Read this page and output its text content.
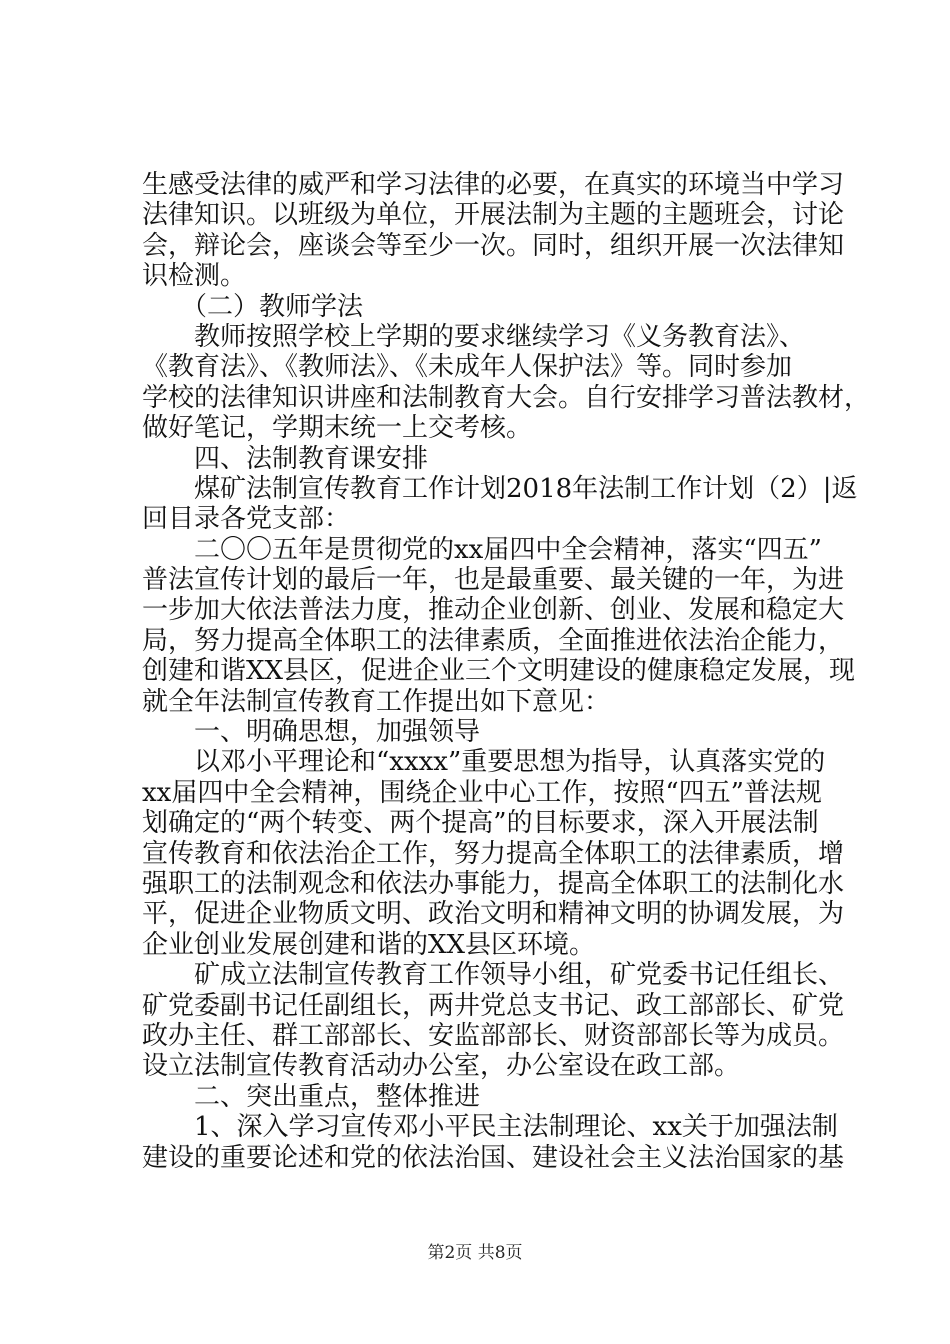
生感受法律的威严和学习法律的必要，在真实的环境当中学习
法律知识。以班级为单位，开展法制为主题的主题班会，讨论
会，辩论会，座谈会等至少一次。同时，组织开展一次法律知
识检测。
　　（二）教师学法
　　教师按照学校上学期的要求继续学习《义务教育法》、
《教育法》、《教师法》、《未成年人保护法》等。同时参加
学校的法律知识讲座和法制教育大会。自行安排学习普法教材，
做好笔记，学期末统一上交考核。
　　四、法制教育课安排
　　煤矿法制宣传教育工作计划2018年法制工作计划（2）|返
回目录各党支部：
　　二〇〇五年是贯彻党的xx届四中全会精神，落实“四五”
普法宣传计划的最后一年，也是最重要、最关键的一年，为进
一步加大依法普法力度，推动企业创新、创业、发展和稳定大
局，努力提高全体职工的法律素质，全面推进依法治企能力，
创建和谐XX县区，促进企业三个文明建设的健康稳定发展，现
就全年法制宣传教育工作提出如下意见：
　　一、明确思想，加强领导
　　以邓小平理论和“xxxx”重要思想为指导，认真落实党的
xx届四中全会精神，围绕企业中心工作，按照“四五”普法规
划确定的“两个转变、两个提高”的目标要求，深入开展法制
宣传教育和依法治企工作，努力提高全体职工的法律素质，增
强职工的法制观念和依法办事能力，提高全体职工的法制化水
平，促进企业物质文明、政治文明和精神文明的协调发展，为
企业创业发展创建和谐的XX县区环境。
　　矿成立法制宣传教育工作领导小组，矿党委书记任组长、
矿党委副书记任副组长，两井党总支书记、政工部部长、矿党
政办主任、群工部部长、安监部部长、财资部部长等为成员。
设立法制宣传教育活动办公室，办公室设在政工部。
　　二、突出重点，整体推进
　　1、深入学习宣传邓小平民主法制理论、xx关于加强法制
建设的重要论述和党的依法治国、建设社会主义法治国家的基
第2页 共8页
